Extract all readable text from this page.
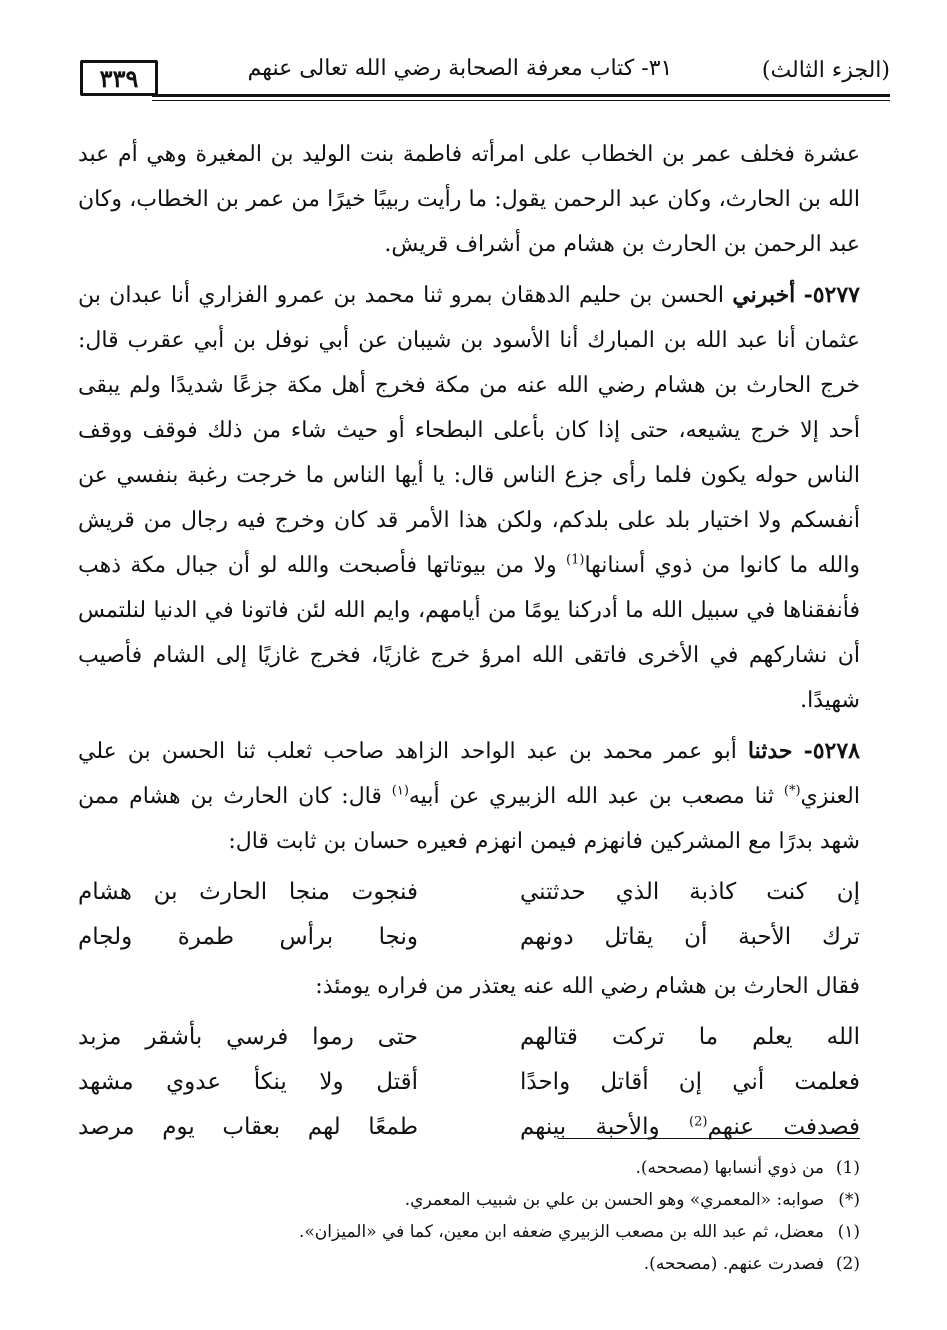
٣٣٩	٣١- كتاب معرفة الصحابة رضي الله تعالى عنهم	(الجزء الثالث)

عشرة فخلف عمر بن الخطاب على امرأته فاطمة بنت الوليد بن المغيرة وهي أم عبد الله بن الحارث، وكان عبد الرحمن يقول: ما رأيت ربيبًا خيرًا من عمر بن الخطاب، وكان عبد الرحمن بن الحارث بن هشام من أشراف قريش.

٥٢٧٧- أخبرني الحسن بن حليم الدهقان بمرو ثنا محمد بن عمرو الفزاري أنا عبدان بن عثمان أنا عبد الله بن المبارك أنا الأسود بن شيبان عن أبي نوفل بن أبي عقرب قال: خرج الحارث بن هشام رضي الله عنه من مكة فخرج أهل مكة جزعًا شديدًا ولم يبقى أحد إلا خرج يشيعه، حتى إذا كان بأعلى البطحاء أو حيث شاء من ذلك فوقف ووقف الناس حوله يكون فلما رأى جزع الناس قال: يا أيها الناس ما خرجت رغبة بنفسي عن أنفسكم ولا اختيار بلد على بلدكم، ولكن هذا الأمر قد كان وخرج فيه رجال من قريش والله ما كانوا من ذوي أسنانها$^{(1)}$ ولا من بيوتاتها فأصبحت والله لو أن جبال مكة ذهب فأنفقناها في سبيل الله ما أدركنا يومًا من أيامهم، وايم الله لئن فاتونا في الدنيا لنلتمس أن نشاركهم في الأخرى فاتقى الله امرؤ خرج غازيًا، فخرج غازيًا إلى الشام فأصيب شهيدًا.

٥٢٧٨- حدثنا أبو عمر محمد بن عبد الواحد الزاهد صاحب ثعلب ثنا الحسن بن علي العنزي(*) ثنا مصعب بن عبد الله الزبيري عن أبيه$^{(١)}$ قال: كان الحارث بن هشام ممن شهد بدرًا مع المشركين فانهزم فيمن انهزم فعيره حسان بن ثابت قال:

إن كنت كاذبة الذي حدثتني
فنجوت منجا الحارث بن هشام
ترك الأحبة أن يقاتل دونهم
ونجا برأس طمرة ولجام

فقال الحارث بن هشام رضي الله عنه يعتذر من فراره يومئذ:

الله يعلم ما تركت قتالهم
حتى رموا فرسي بأشقر مزبد
فعلمت أني إن أقاتل واحدًا
أقتل ولا ينكأ عدوي مشهد
فصدفت عنهم$^{(2)}$ والأحبة بينهم
طمعًا لهم بعقاب يوم مرصد
(1)من ذوي أنسابها (مصححه).
(*)صوابه: «المعمري» وهو الحسن بن علي بن شبيب المعمري.
(١)معضل، ثم عبد الله بن مصعب الزبيري ضعفه ابن معين، كما في «الميزان».
(2)فصدرت عنهم. (مصححه).
